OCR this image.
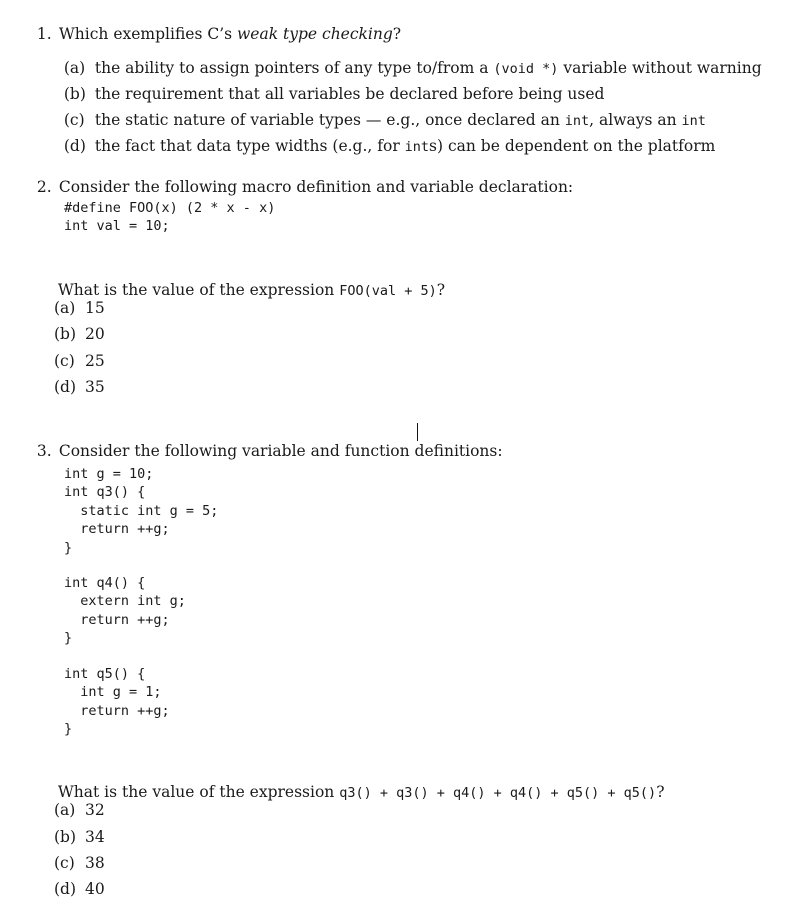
1. Which exemplifies C’s weak type checking?

(a) the ability to assign pointers of any type to/from a (void *) variable without warning

(b) the requirement that all variables be declared before being used

(c) the static nature of variable types — e.g., once declared an int, always an int

(d) the fact that data type widths (e.g., for ints) can be dependent on the platform

2. Consider the following macro definition and variable declaration:

#define FOO(x) (2 * x - x)
int val = 10;

What is the value of the expression FOO(val + 5)?

(a) 15
(b) 20
(c) 25
(d) 35

3. Consider the following variable and function definitions:

int g = 10;
int q3() {
static int g = 5;
return ++g;
}
int q4() {
extern int g;
return ++g;
}
int q5() {
int g = 1;
return ++g;
}

What is the value of the expression q3() + q3() + q4() + q4() + q5() + q5()?

(a) 32
(b) 34
(c) 38
(d) 40
